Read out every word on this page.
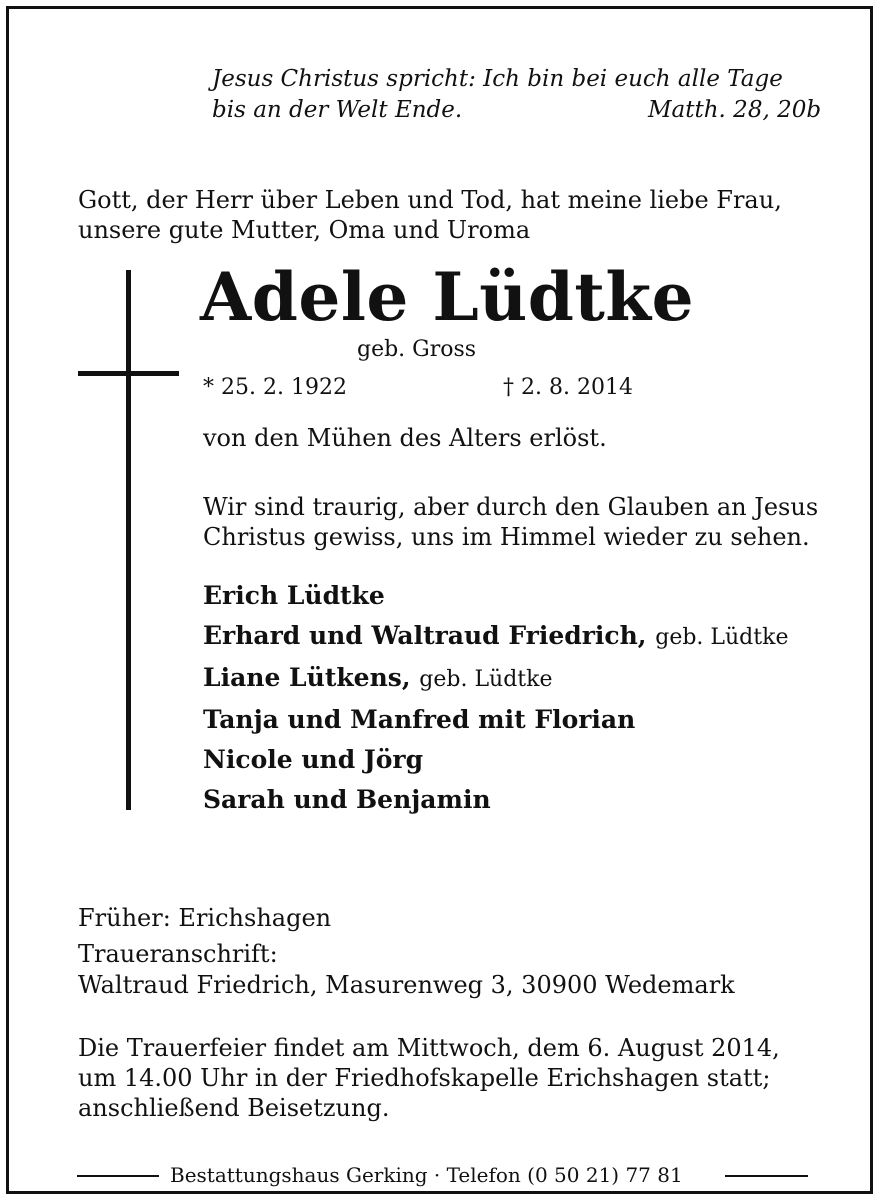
Jesus Christus spricht: Ich bin bei euch alle Tage
bis an der Welt Ende.	Matth. 28, 20b
Gott, der Herr über Leben und Tod, hat meine liebe Frau,
unsere gute Mutter, Oma und Uroma
Adele Lüdtke
geb. Gross
* 25. 2. 1922	† 2. 8. 2014
von den Mühen des Alters erlöst.
Wir sind traurig, aber durch den Glauben an Jesus
Christus gewiss, uns im Himmel wieder zu sehen.
Erich Lüdtke
Erhard und Waltraud Friedrich, geb. Lüdtke
Liane Lütkens, geb. Lüdtke
Tanja und Manfred mit Florian
Nicole und Jörg
Sarah und Benjamin
Früher: Erichshagen
Traueranschrift:
Waltraud Friedrich, Masurenweg 3, 30900 Wedemark
Die Trauerfeier findet am Mittwoch, dem 6. August 2014,
um 14.00 Uhr in der Friedhofskapelle Erichshagen statt;
anschließend Beisetzung.
Bestattungshaus Gerking · Telefon (0 50 21) 77 81
